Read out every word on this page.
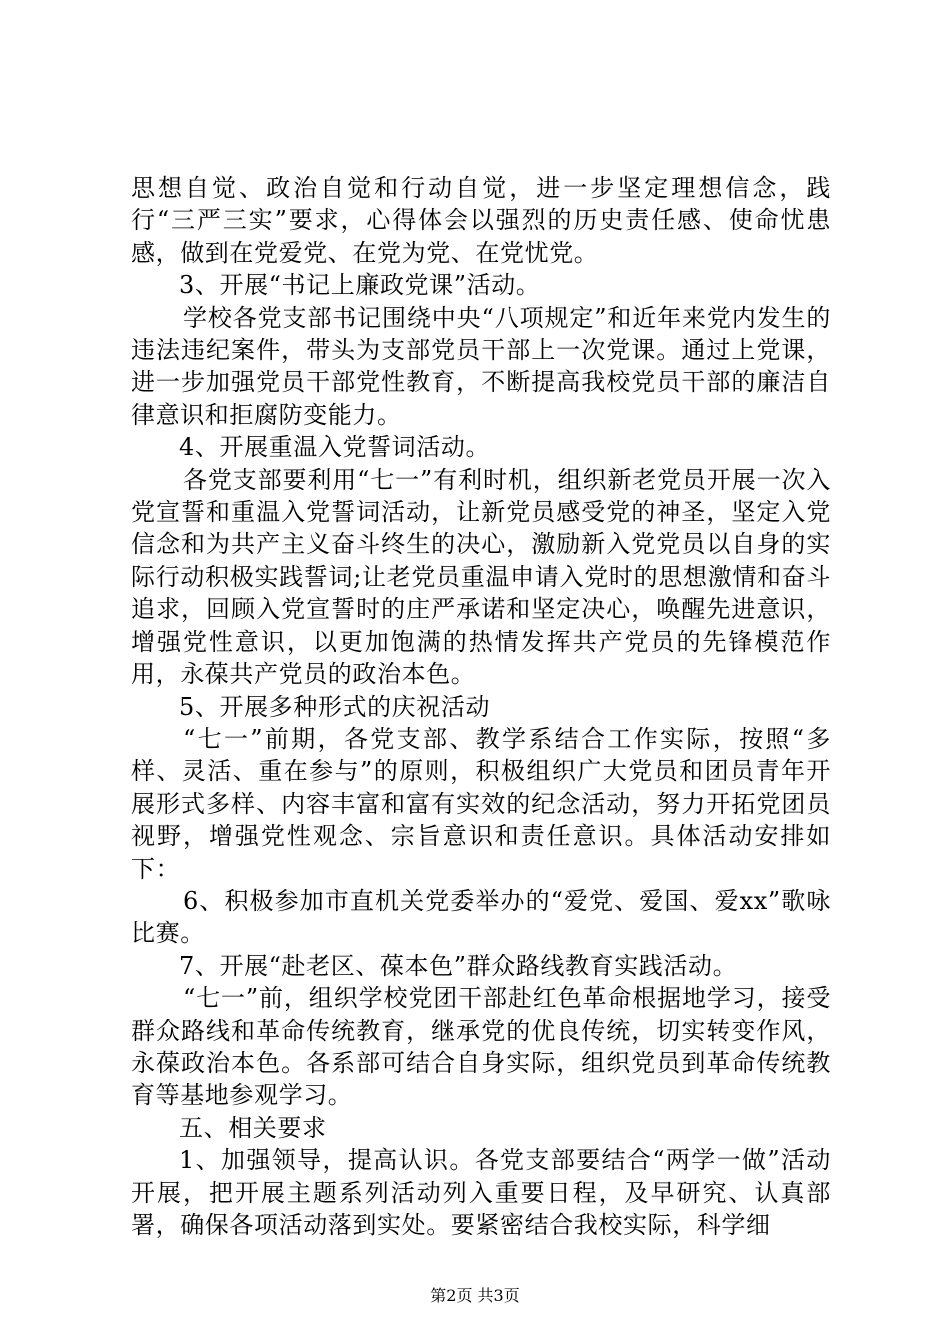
思想自觉、政治自觉和行动自觉，进一步坚定理想信念，践行“三严三实”要求，心得体会以强烈的历史责任感、使命忧患感，做到在党爱党、在党为党、在党忧党。

3、开展“书记上廉政党课”活动。

学校各党支部书记围绕中央“八项规定”和近年来党内发生的违法违纪案件，带头为支部党员干部上一次党课。通过上党课，进一步加强党员干部党性教育，不断提高我校党员干部的廉洁自律意识和拒腐防变能力。

4、开展重温入党誓词活动。

各党支部要利用“七一”有利时机，组织新老党员开展一次入党宣誓和重温入党誓词活动，让新党员感受党的神圣，坚定入党信念和为共产主义奋斗终生的决心，激励新入党党员以自身的实际行动积极实践誓词;让老党员重温申请入党时的思想激情和奋斗追求，回顾入党宣誓时的庄严承诺和坚定决心，唤醒先进意识，增强党性意识，以更加饱满的热情发挥共产党员的先锋模范作用，永葆共产党员的政治本色。

5、开展多种形式的庆祝活动

“七一”前期，各党支部、教学系结合工作实际，按照“多样、灵活、重在参与”的原则，积极组织广大党员和团员青年开展形式多样、内容丰富和富有实效的纪念活动，努力开拓党团员视野，增强党性观念、宗旨意识和责任意识。具体活动安排如下：

6、积极参加市直机关党委举办的“爱党、爱国、爱xx”歌咏比赛。

7、开展“赴老区、葆本色”群众路线教育实践活动。

“七一”前，组织学校党团干部赴红色革命根据地学习，接受群众路线和革命传统教育，继承党的优良传统，切实转变作风，永葆政治本色。各系部可结合自身实际，组织党员到革命传统教育等基地参观学习。

五、相关要求

1、加强领导，提高认识。各党支部要结合“两学一做”活动开展，把开展主题系列活动列入重要日程，及早研究、认真部署，确保各项活动落到实处。要紧密结合我校实际，科学细

第2页 共3页
